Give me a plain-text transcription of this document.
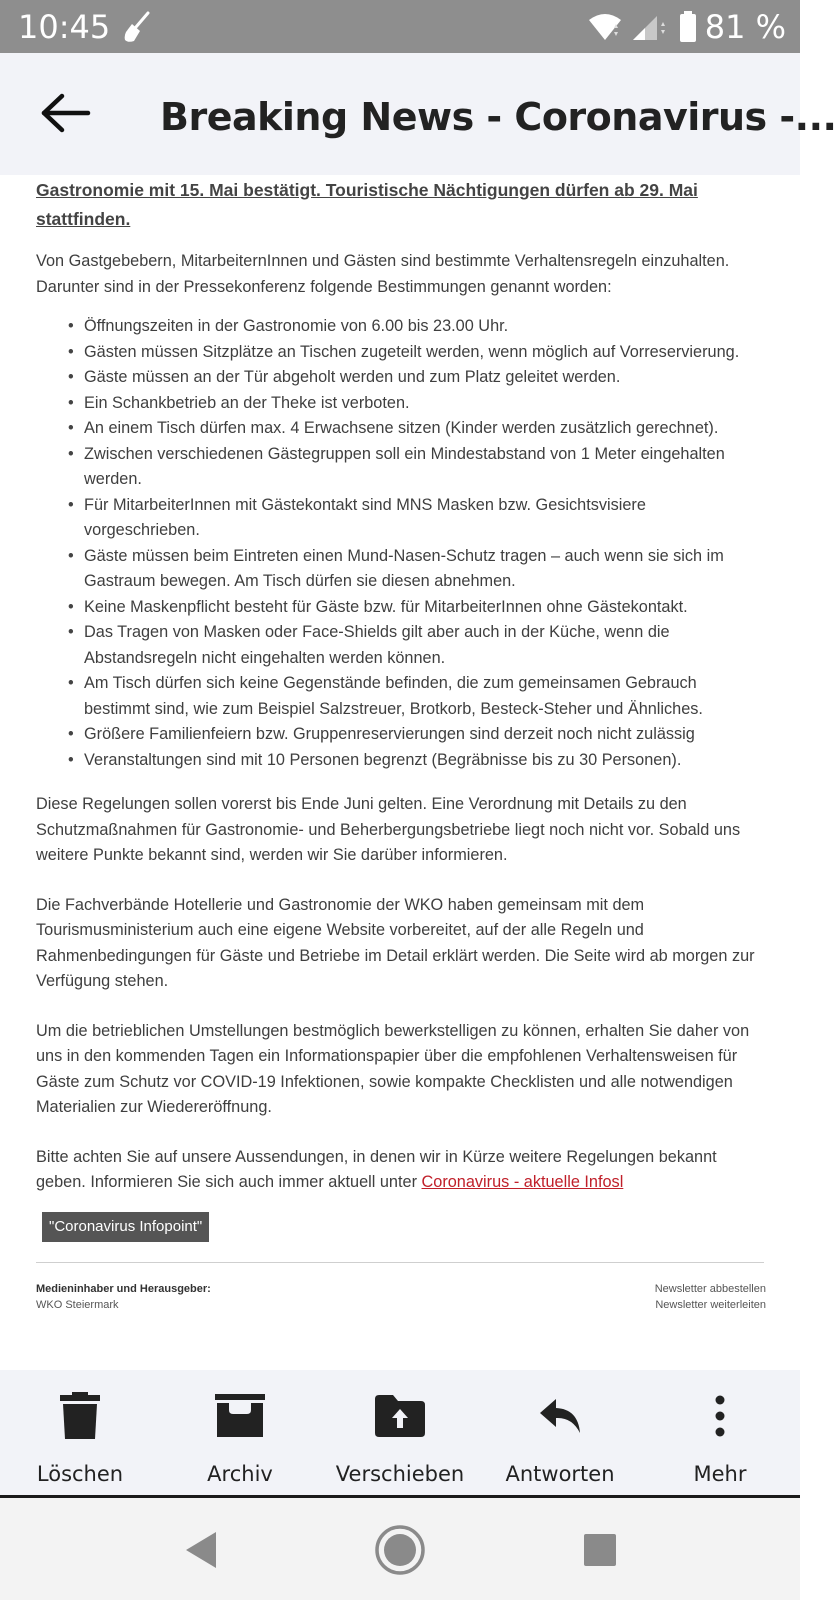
10:45	81 %
Breaking News - Coronavirus -...

Gastronomie mit 15. Mai bestätigt. Touristische Nächtigungen dürfen ab 29. Mai stattfinden.

Von Gastgebebern, MitarbeiternInnen und Gästen sind bestimmte Verhaltensregeln einzuhalten. Darunter sind in der Pressekonferenz folgende Bestimmungen genannt worden:

• Öffnungszeiten in der Gastronomie von 6.00 bis 23.00 Uhr.
• Gästen müssen Sitzplätze an Tischen zugeteilt werden, wenn möglich auf Vorreservierung.
• Gäste müssen an der Tür abgeholt werden und zum Platz geleitet werden.
• Ein Schankbetrieb an der Theke ist verboten.
• An einem Tisch dürfen max. 4 Erwachsene sitzen (Kinder werden zusätzlich gerechnet).
• Zwischen verschiedenen Gästegruppen soll ein Mindestabstand von 1 Meter eingehalten werden.
• Für MitarbeiterInnen mit Gästekontakt sind MNS Masken bzw. Gesichtsvisiere vorgeschrieben.
• Gäste müssen beim Eintreten einen Mund-Nasen-Schutz tragen – auch wenn sie sich im Gastraum bewegen. Am Tisch dürfen sie diesen abnehmen.
• Keine Maskenpflicht besteht für Gäste bzw. für MitarbeiterInnen ohne Gästekontakt.
• Das Tragen von Masken oder Face-Shields gilt aber auch in der Küche, wenn die Abstandsregeln nicht eingehalten werden können.
• Am Tisch dürfen sich keine Gegenstände befinden, die zum gemeinsamen Gebrauch bestimmt sind, wie zum Beispiel Salzstreuer, Brotkorb, Besteck-Steher und Ähnliches.
• Größere Familienfeiern bzw. Gruppenreservierungen sind derzeit noch nicht zulässig
• Veranstaltungen sind mit 10 Personen begrenzt (Begräbnisse bis zu 30 Personen).

Diese Regelungen sollen vorerst bis Ende Juni gelten. Eine Verordnung mit Details zu den Schutzmaßnahmen für Gastronomie- und Beherbergungsbetriebe liegt noch nicht vor. Sobald uns weitere Punkte bekannt sind, werden wir Sie darüber informieren.

Die Fachverbände Hotellerie und Gastronomie der WKO haben gemeinsam mit dem Tourismusministerium auch eine eigene Website vorbereitet, auf der alle Regeln und Rahmenbedingungen für Gäste und Betriebe im Detail erklärt werden. Die Seite wird ab morgen zur Verfügung stehen.

Um die betrieblichen Umstellungen bestmöglich bewerkstelligen zu können, erhalten Sie daher von uns in den kommenden Tagen ein Informationspapier über die empfohlenen Verhaltensweisen für Gäste zum Schutz vor COVID-19 Infektionen, sowie kompakte Checklisten und alle notwendigen Materialien zur Wiedereröffnung.

Bitte achten Sie auf unsere Aussendungen, in denen wir in Kürze weitere Regelungen bekannt geben. Informieren Sie sich auch immer aktuell unter Coronavirus - aktuelle Infosl

"Coronavirus Infopoint"
Medieninhaber und Herausgeber:
WKO Steiermark
Newsletter abbestellen
Newsletter weiterleiten
Löschen	Archiv	Verschieben	Antworten	Mehr
